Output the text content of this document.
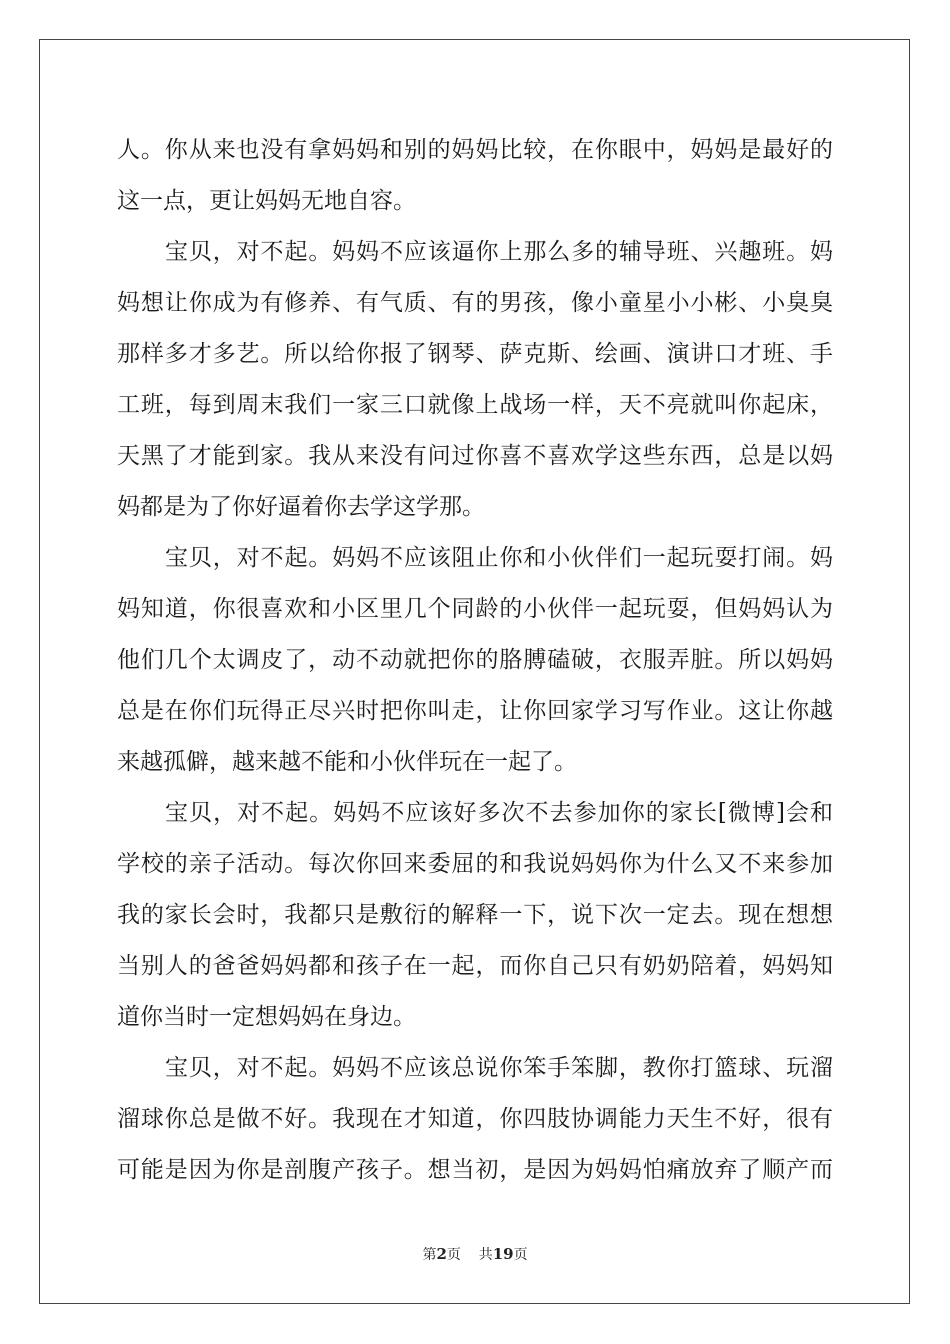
人。你从来也没有拿妈妈和别的妈妈比较，在你眼中，妈妈是最好的
这一点，更让妈妈无地自容。
宝贝，对不起。妈妈不应该逼你上那么多的辅导班、兴趣班。妈
妈想让你成为有修养、有气质、有的男孩，像小童星小小彬、小臭臭
那样多才多艺。所以给你报了钢琴、萨克斯、绘画、演讲口才班、手
工班，每到周末我们一家三口就像上战场一样，天不亮就叫你起床，
天黑了才能到家。我从来没有问过你喜不喜欢学这些东西，总是以妈
妈都是为了你好逼着你去学这学那。
宝贝，对不起。妈妈不应该阻止你和小伙伴们一起玩耍打闹。妈
妈知道，你很喜欢和小区里几个同龄的小伙伴一起玩耍，但妈妈认为
他们几个太调皮了，动不动就把你的胳膊磕破，衣服弄脏。所以妈妈
总是在你们玩得正尽兴时把你叫走，让你回家学习写作业。这让你越
来越孤僻，越来越不能和小伙伴玩在一起了。
宝贝，对不起。妈妈不应该好多次不去参加你的家长[微博]会和
学校的亲子活动。每次你回来委屈的和我说妈妈你为什么又不来参加
我的家长会时，我都只是敷衍的解释一下，说下次一定去。现在想想
当别人的爸爸妈妈都和孩子在一起，而你自己只有奶奶陪着，妈妈知
道你当时一定想妈妈在身边。
宝贝，对不起。妈妈不应该总说你笨手笨脚，教你打篮球、玩溜
溜球你总是做不好。我现在才知道，你四肢协调能力天生不好，很有
可能是因为你是剖腹产孩子。想当初，是因为妈妈怕痛放弃了顺产而
第2页 共19页
